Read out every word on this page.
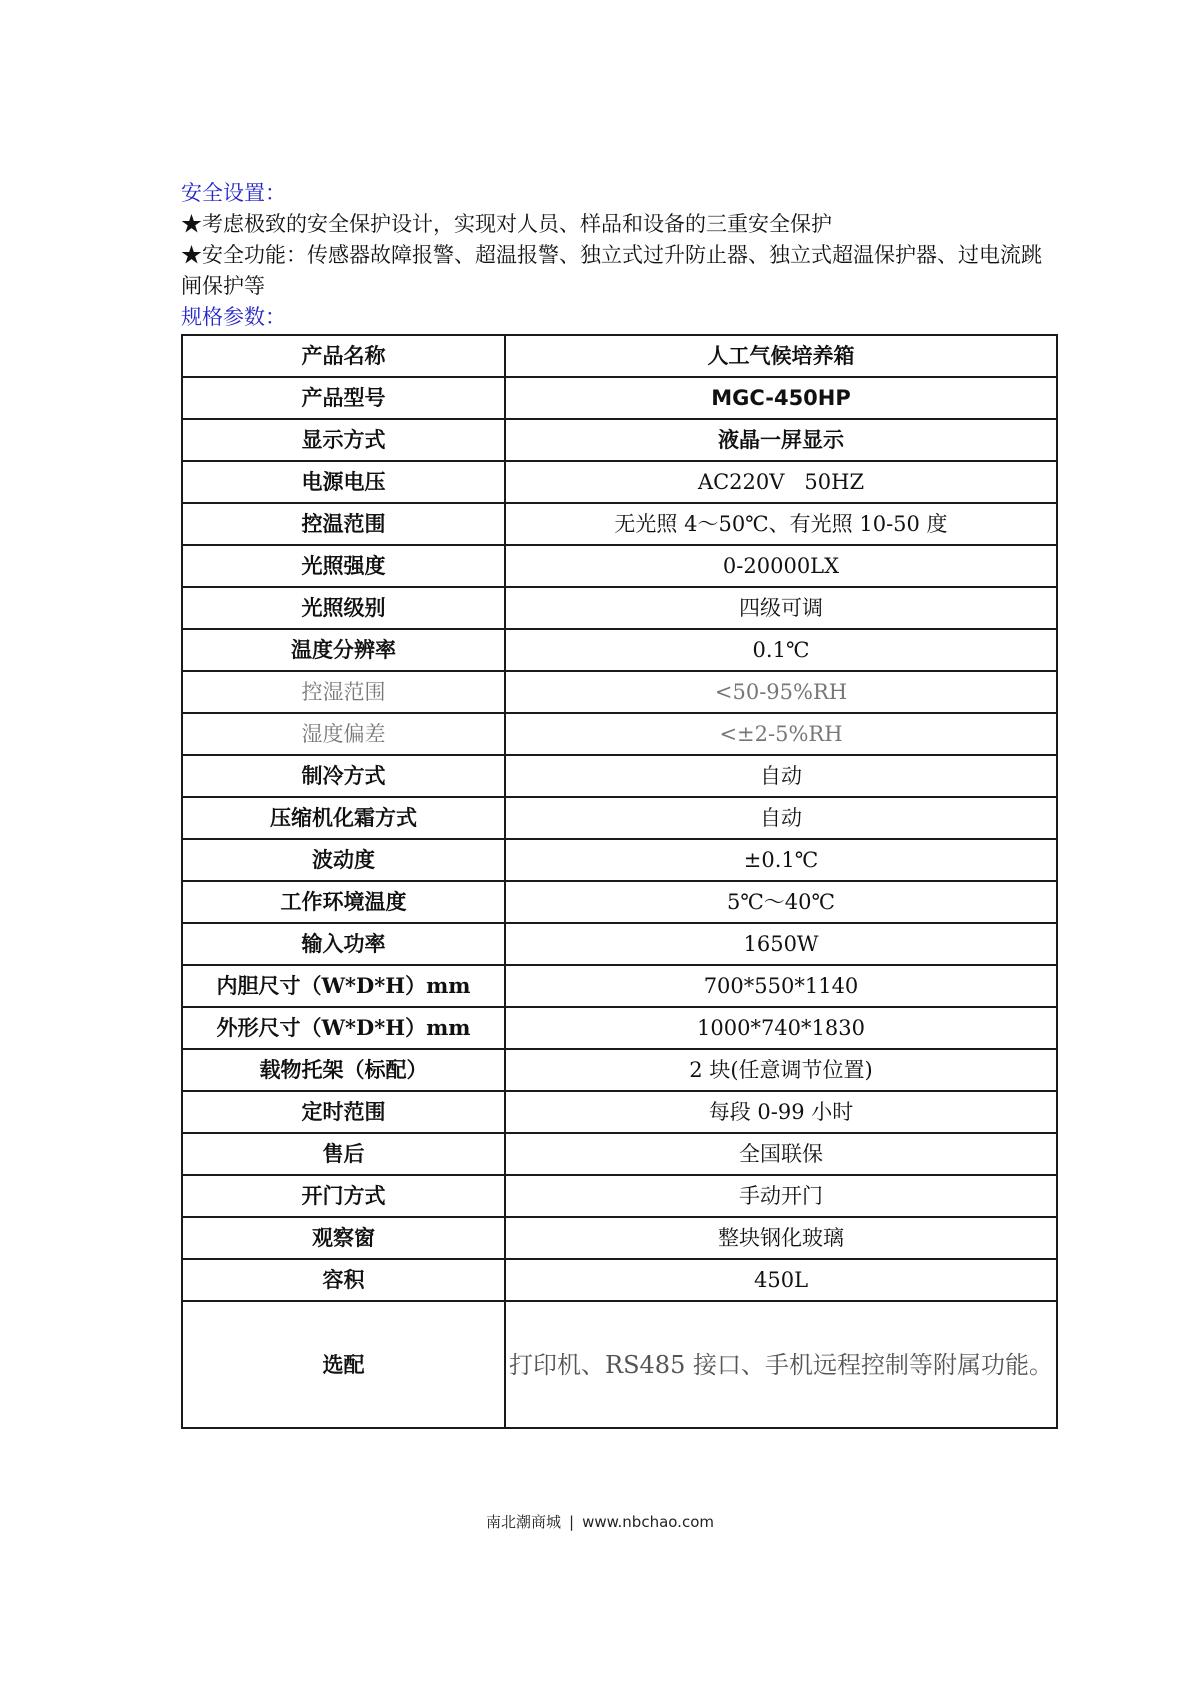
安全设置：
★考虑极致的安全保护设计，实现对人员、样品和设备的三重安全保护
★安全功能：传感器故障报警、超温报警、独立式过升防止器、独立式超温保护器、过电流跳闸保护等
规格参数：
产品名称	人工气候培养箱
产品型号	MGC-450HP
显示方式	液晶一屏显示
电源电压	AC220V   50HZ
控温范围	无光照 4～50℃、有光照 10-50 度
光照强度	0-20000LX
光照级别	四级可调
温度分辨率	0.1℃
控湿范围	<50-95%RH
湿度偏差	<±2-5%RH
制冷方式	自动
压缩机化霜方式	自动
波动度	±0.1℃
工作环境温度	5℃～40℃
输入功率	1650W
内胆尺寸（W*D*H）mm	700*550*1140
外形尺寸（W*D*H）mm	1000*740*1830
载物托架（标配）	2 块(任意调节位置)
定时范围	每段 0-99 小时
售后	全国联保
开门方式	手动开门
观察窗	整块钢化玻璃
容积	450L
选配	打印机、RS485 接口、手机远程控制等附属功能。
南北潮商城 | www.nbchao.com
